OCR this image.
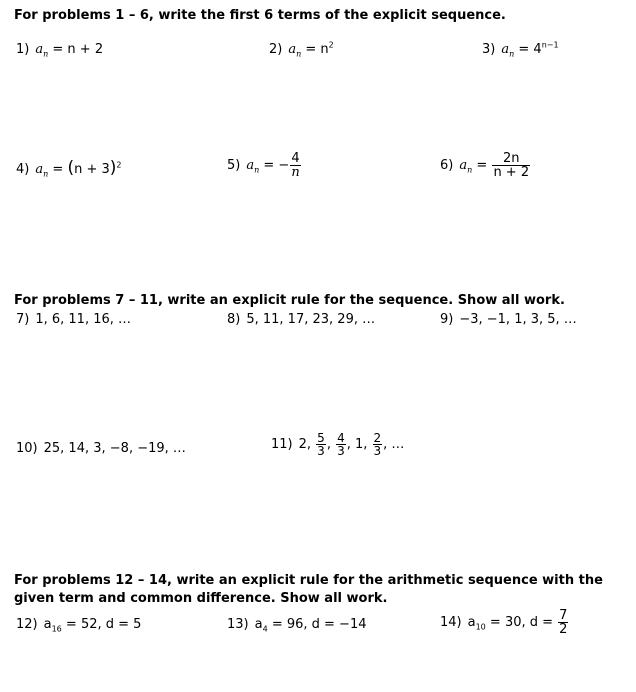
For problems 1 – 6, write the first 6 terms of the explicit sequence.

1) $a_n = n + 2$	2) $a_n = n^2$	3) $a_n = 4^{n-1}$
4) $a_n = (n + 3)^2$	5) $a_n$ = − $\frac{4}{n}$	6) $a_n = \frac{2n}{n + 2}$

For problems 7 – 11, write an explicit rule for the sequence. Show all work.

7) 1, 6, 11, 16, …	8) 5, 11, 17, 23, 29, …	9) −3, −1, 1, 3, 5, …
10) 25, 14, 3, −8, −19, …	11) 2, $\frac{5}{3}$ , $\frac{4}{3}$ , 1, $\frac{2}{3}$ , …

For problems 12 – 14, write an explicit rule for the arithmetic sequence with the given term and common difference. Show all work.

12) $a_{16} = 52$, d = 5	13) $a_4 = 96$, d = −14	14) $a_{10} = 30$, $d = \frac{7}{2}$
